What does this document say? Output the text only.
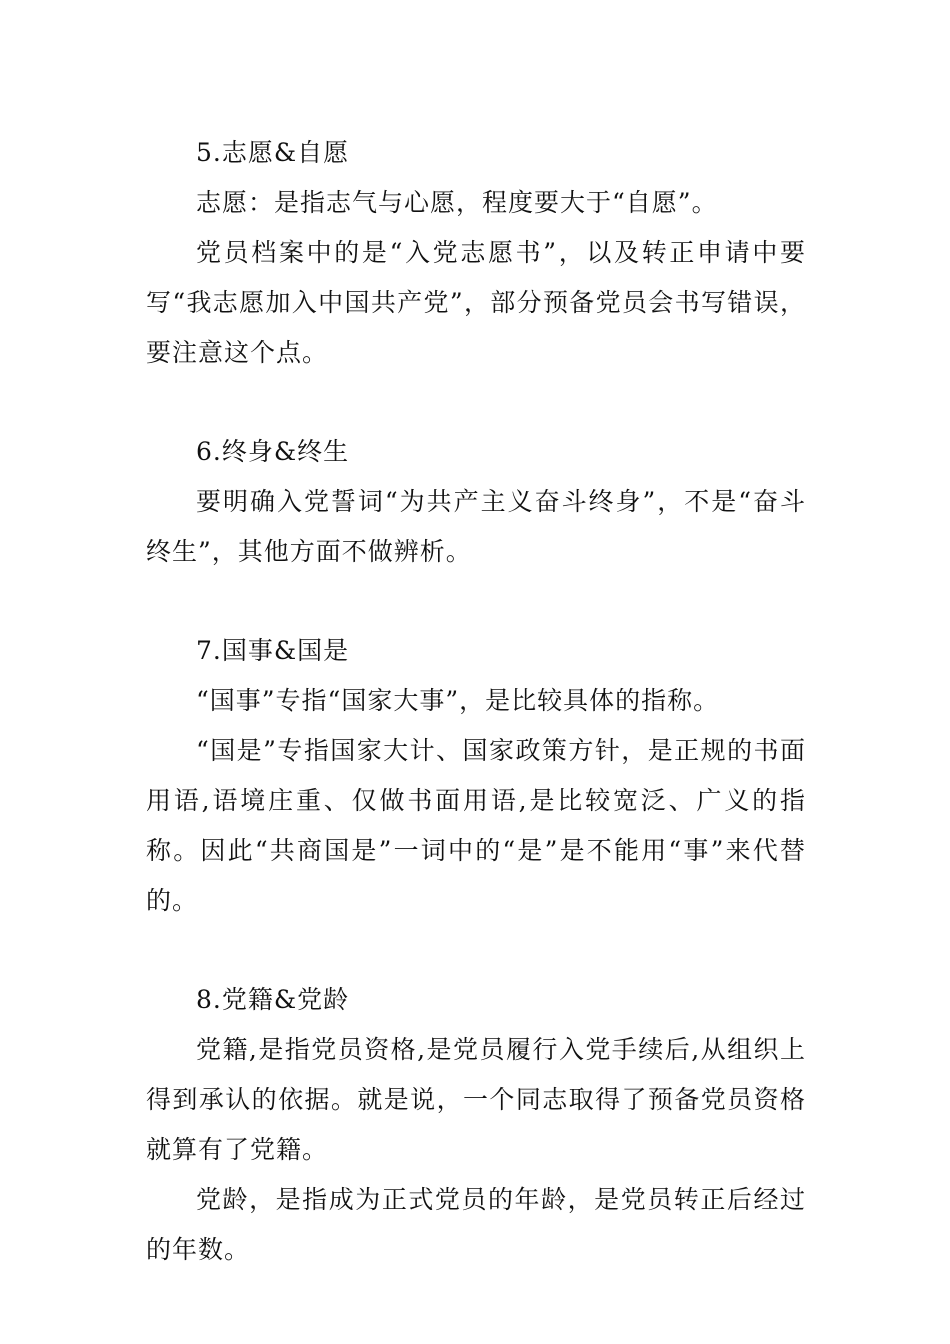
5.志愿&自愿

志愿：是指志气与心愿，程度要大于“自愿”。

党员档案中的是“入党志愿书”，以及转正申请中要写“我志愿加入中国共产党”，部分预备党员会书写错误，要注意这个点。

6.终身&终生

要明确入党誓词“为共产主义奋斗终身”，不是“奋斗终生”，其他方面不做辨析。

7.国事&国是

“国事”专指“国家大事”，是比较具体的指称。

“国是”专指国家大计、国家政策方针，是正规的书面用语,语境庄重、仅做书面用语,是比较宽泛、广义的指称。因此“共商国是”一词中的“是”是不能用“事”来代替的。

8.党籍&党龄

党籍,是指党员资格,是党员履行入党手续后,从组织上得到承认的依据。就是说，一个同志取得了预备党员资格就算有了党籍。

党龄，是指成为正式党员的年龄，是党员转正后经过的年数。
